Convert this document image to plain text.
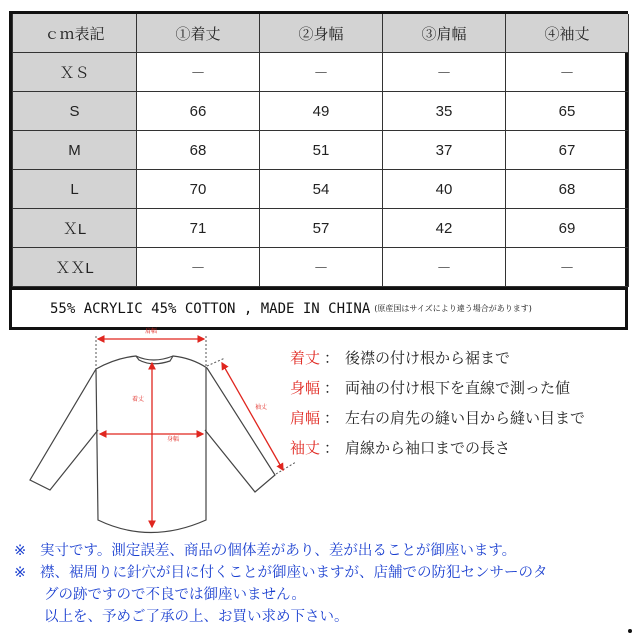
ｃｍ表記	①着丈	②身幅	③肩幅	④袖丈
ＸＳ	－	－	－	－
S	66	49	35	65
M	68	51	37	67
L	70	54	40	68
ＸL	71	57	42	69
ＸＸL	－	－	－	－
55% ACRYLIC 45% COTTON , MADE IN CHINA (原産国はサイズにより違う場合があります)
肩幅
着丈
身幅
袖丈
着丈 ： 後襟の付け根から裾まで
身幅 ： 両袖の付け根下を直線で測った値
肩幅 ： 左右の肩先の縫い目から縫い目まで
袖丈 ： 肩線から袖口までの長さ
※ 実寸です。測定誤差、商品の個体差があり、差が出ることが御座います。
※ 襟、裾周りに針穴が目に付くことが御座いますが、店舗での防犯センサーのタ
グの跡ですので不良では御座いません。
以上を、予めご了承の上、お買い求め下さい。
